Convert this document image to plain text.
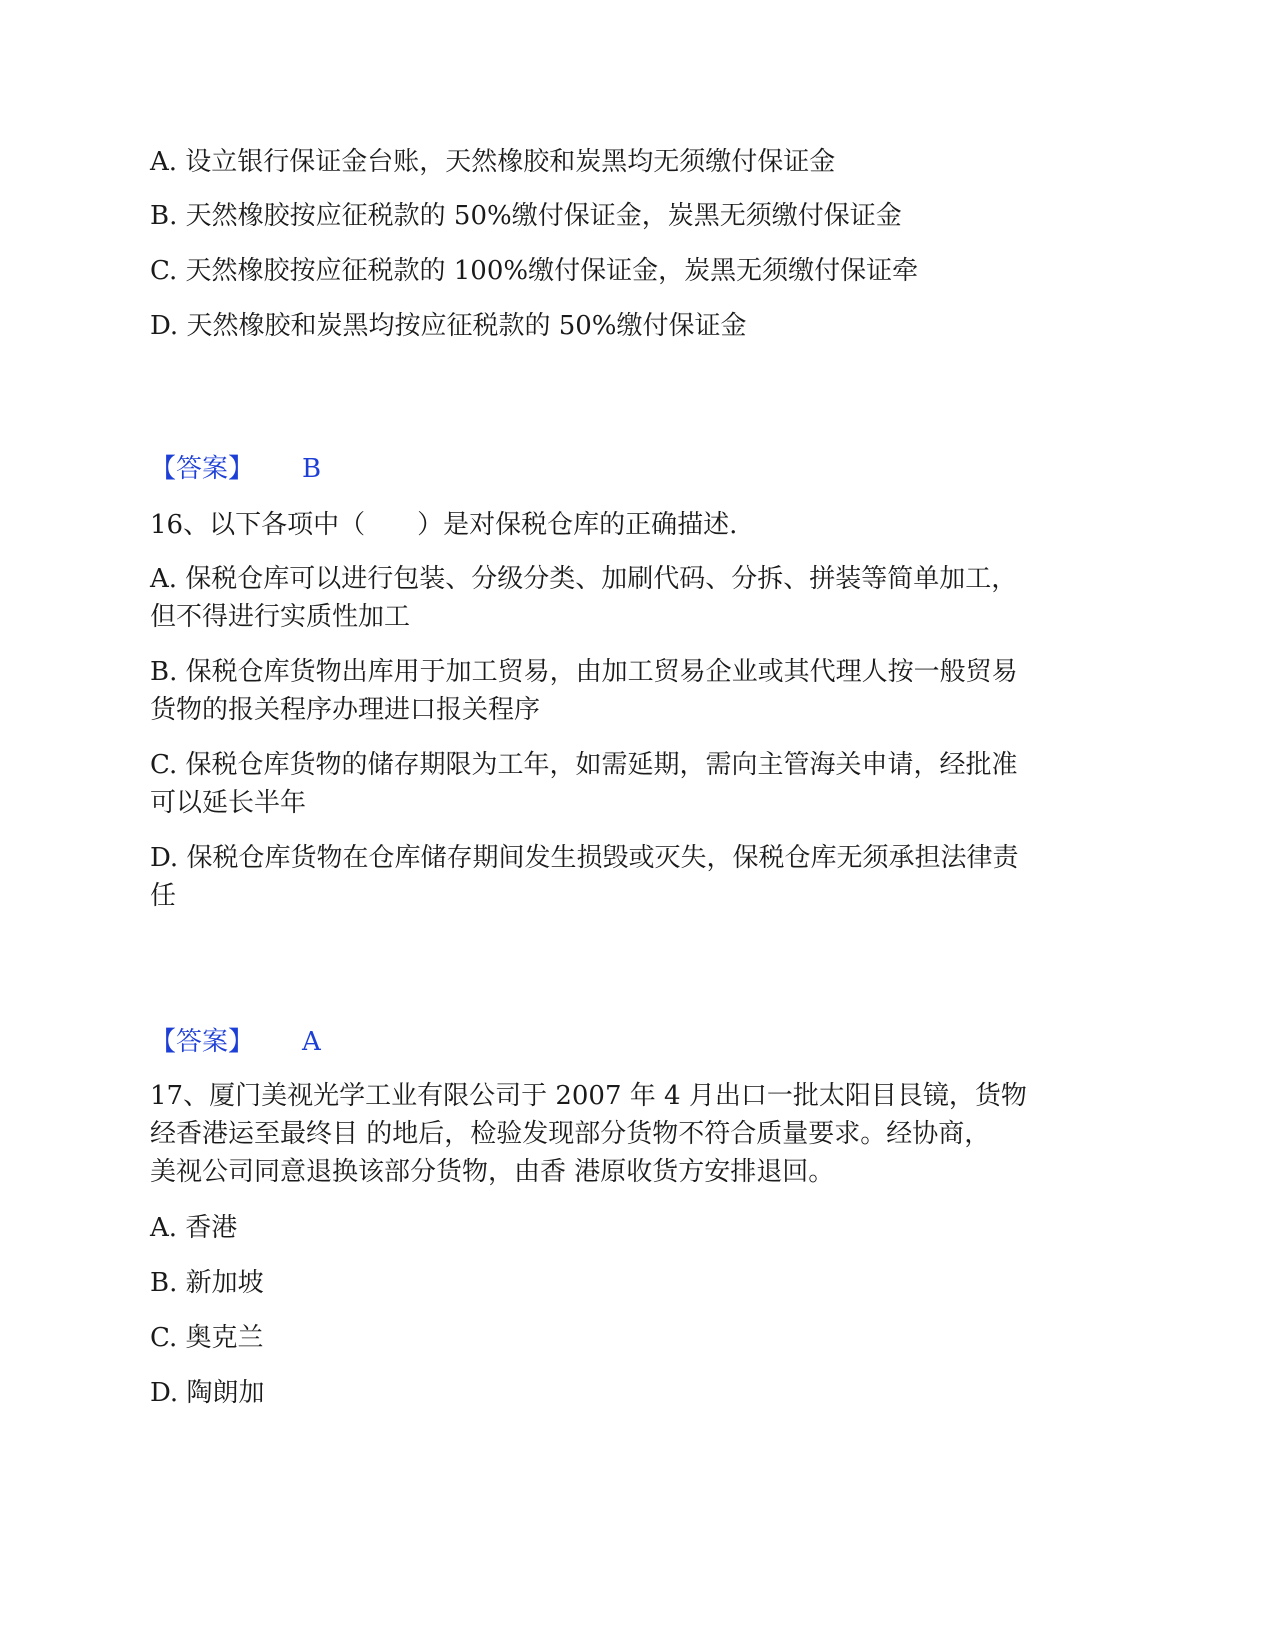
A. 设立银行保证金台账，天然橡胶和炭黑均无须缴付保证金
B. 天然橡胶按应征税款的 50%缴付保证金，炭黑无须缴付保证金
C. 天然橡胶按应征税款的 100%缴付保证金，炭黑无须缴付保证牵
D. 天然橡胶和炭黑均按应征税款的 50%缴付保证金
【答案】 B
16、以下各项中（　　）是对保税仓库的正确描述.
A. 保税仓库可以进行包装、分级分类、加刷代码、分拆、拼装等简单加工，
但不得进行实质性加工
B. 保税仓库货物出库用于加工贸易，由加工贸易企业或其代理人按一般贸易
货物的报关程序办理进口报关程序
C. 保税仓库货物的储存期限为工年，如需延期，需向主管海关申请，经批准
可以延长半年
D. 保税仓库货物在仓库储存期间发生损毁或灭失，保税仓库无须承担法律责
任
【答案】 A
17、厦门美视光学工业有限公司于 2007 年 4 月出口一批太阳目艮镜，货物
经香港运至最终目 的地后，检验发现部分货物不符合质量要求。经协商，
美视公司同意退换该部分货物，由香 港原收货方安排退回。
A. 香港
B. 新加坡
C. 奥克兰
D. 陶朗加
